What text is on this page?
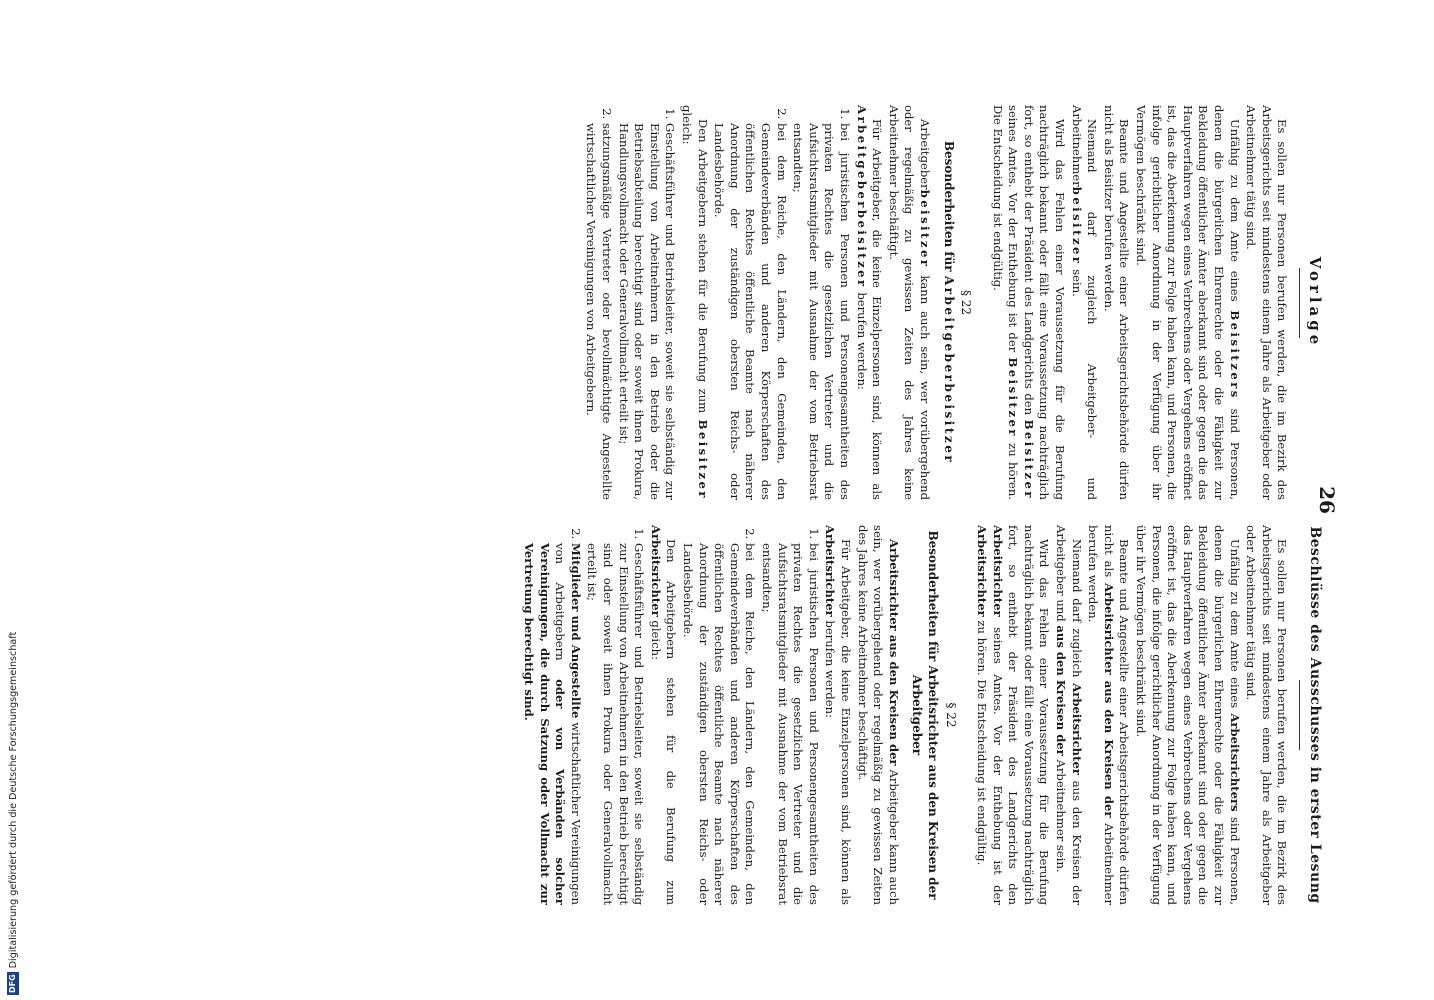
26
Vorlage

Es sollen nur Personen berufen werden, die im Bezirk des Arbeitsgerichts seit mindestens einem Jahre als Arbeitgeber oder Arbeitnehmer tätig sind.

Unfähig zu dem Amte eines Beisitzers sind Personen, denen die bürgerlichen Ehrenrechte oder die Fähigkeit zur Bekleidung öffentlicher Ämter aberkannt sind oder gegen die das Hauptverfahren wegen eines Verbrechens oder Vergehens eröffnet ist, das die Aberkennung zur Folge haben kann, und Personen, die infolge gerichtlicher Anordnung in der Verfügung über ihr Vermögen beschränkt sind.

Beamte und Angestellte einer Arbeitsgerichtsbehörde dürfen nicht als Beisitzer berufen werden.

Niemand darf zugleich Arbeitgeber- und Arbeitnehmerbeisitzer sein.

Wird das Fehlen einer Voraussetzung für die Berufung nachträglich bekannt oder fällt eine Voraussetzung nachträglich fort, so enthebt der Präsident des Landgerichts den Beisitzer seines Amtes. Vor der Enthebung ist der Beisitzer zu hören. Die Entscheidung ist endgültig.

§ 22
Besonderheiten für Arbeitgeberbeisitzer

Arbeitgeberbeisitzer kann auch sein, wer vorübergehend oder regelmäßig zu gewissen Zeiten des Jahres keine Arbeitnehmer beschäftigt.

Für Arbeitgeber, die keine Einzelpersonen sind, können als Arbeitgeberbeisitzer berufen werden:

1. bei juristischen Personen und Personengesamtheiten des privaten Rechtes die gesetzlichen Vertreter und die Aufsichtsratsmitglieder mit Ausnahme der vom Betriebsrat entsandten;
2. bei dem Reiche, den Ländern, den Gemeinden, den Gemeindeverbänden und anderen Körperschaften des öffentlichen Rechtes öffentliche Beamte nach näherer Anordnung der zuständigen obersten Reichs- oder Landesbehörde.

Den Arbeitgebern stehen für die Berufung zum Beisitzer gleich:

1. Geschäftsführer und Betriebsleiter, soweit sie selbständig zur Einstellung von Arbeitnehmern in den Betrieb oder die Betriebsabteilung berechtigt sind oder soweit ihnen Prokura, Handlungsvollmacht oder Generalvollmacht erteilt ist;
2. satzungsmäßige Vertreter oder bevollmächtigte Angestellte wirtschaftlicher Vereinigungen von Arbeitgebern.
Beschlüsse des Ausschusses in erster Lesung

Es sollen nur Personen berufen werden, die im Bezirk des Arbeitsgerichts seit mindestens einem Jahre als Arbeitgeber oder Arbeitnehmer tätig sind.

Unfähig zu dem Amte eines Arbeitsrichters sind Personen, denen die bürgerlichen Ehrenrechte oder die Fähigkeit zur Bekleidung öffentlicher Ämter aberkannt sind oder gegen die das Hauptverfahren wegen eines Verbrechens oder Vergehens eröffnet ist, das die Aberkennung zur Folge haben kann, und Personen, die infolge gerichtlicher Anordnung in der Verfügung über ihr Vermögen beschränkt sind.

Beamte und Angestellte einer Arbeitsgerichtsbehörde dürfen nicht als Arbeitsrichter aus den Kreisen der Arbeitnehmer berufen werden.

Niemand darf zugleich Arbeitsrichter aus den Kreisen der Arbeitgeber und aus den Kreisen der Arbeitnehmer sein.

Wird das Fehlen einer Voraussetzung für die Berufung nachträglich bekannt oder fällt eine Voraussetzung nachträglich fort, so enthebt der Präsident des Landgerichts den Arbeitsrichter seines Amtes. Vor der Enthebung ist der Arbeitsrichter zu hören. Die Entscheidung ist endgültig.

§ 22
Besonderheiten für Arbeitsrichter aus den Kreisen der Arbeitgeber

Arbeitsrichter aus den Kreisen der Arbeitgeber kann auch sein, wer vorübergehend oder regelmäßig zu gewissen Zeiten des Jahres keine Arbeitnehmer beschäftigt.

Für Arbeitgeber, die keine Einzelpersonen sind, können als Arbeitsrichter berufen werden:

1. bei juristischen Personen und Personengesamtheiten des privaten Rechtes die gesetzlichen Vertreter und die Aufsichtsratsmitglieder mit Ausnahme der vom Betriebsrat entsandten;
2. bei dem Reiche, den Ländern, den Gemeinden, den Gemeindeverbänden und anderen Körperschaften des öffentlichen Rechtes öffentliche Beamte nach näherer Anordnung der zuständigen obersten Reichs- oder Landesbehörde.

Den Arbeitgebern stehen für die Berufung zum Arbeitsrichter gleich:

1. Geschäftsführer und Betriebsleiter, soweit sie selbständig zur Einstellung von Arbeitnehmern in den Betrieb berechtigt sind oder soweit ihnen Prokura oder Generalvollmacht erteilt ist;
2. Mitglieder und Angestellte wirtschaftlicher Vereinigungen von Arbeitgebern oder von Verbänden solcher Vereinigungen, die durch Satzung oder Vollmacht zur Vertretung berechtigt sind.
DFGDigitalisierung gefördert durch die Deutsche Forschungsgemeinschaft
